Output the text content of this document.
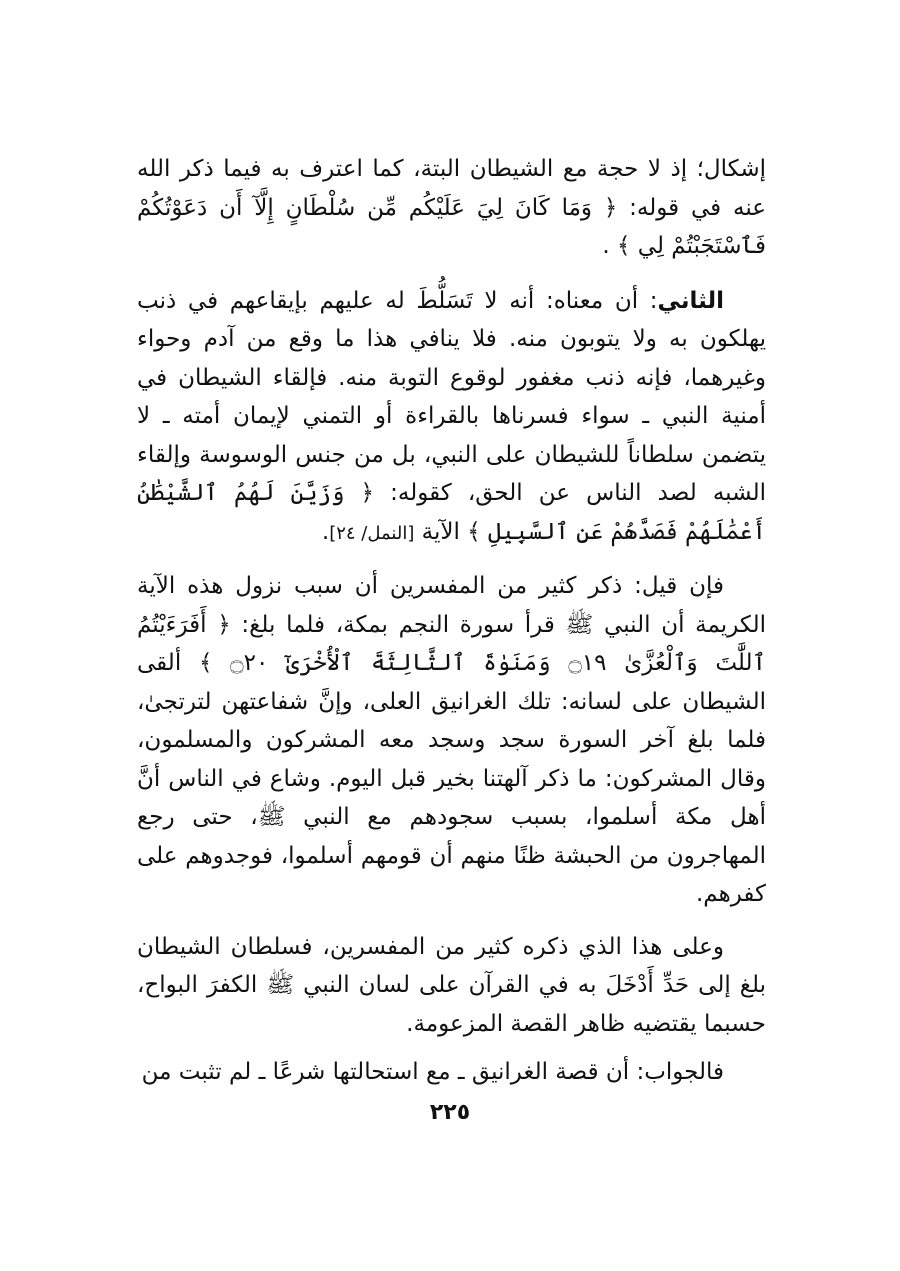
إشكال؛ إذ لا حجة مع الشيطان البتة، كما اعترف به فيما ذكر الله عنه في قوله: ﴿ وَمَا كَانَ لِيَ عَلَيْكُم مِّن سُلْطَانٍ إِلَّآ أَن دَعَوْتُكُمْ فَٱسْتَجَبْتُمْ لِي ﴾ .

الثاني: أن معناه: أنه لا تَسَلُّطَ له عليهم بإيقاعهم في ذنب يهلكون به ولا يتوبون منه. فلا ينافي هذا ما وقع من آدم وحواء وغيرهما، فإنه ذنب مغفور لوقوع التوبة منه. فإلقاء الشيطان في أمنية النبي ـ سواء فسرناها بالقراءة أو التمني لإيمان أمته ـ لا يتضمن سلطاناً للشيطان على النبي، بل من جنس الوسوسة وإلقاء الشبه لصد الناس عن الحق، كقوله: ﴿ وَزَيَّنَ لَهُمُ ٱلشَّيْطَٰنُ أَعْمَٰلَهُمْ فَصَدَّهُمْ عَنِ ٱلسَّبِيلِ ﴾ الآية [النمل/ ٢٤].

فإن قيل: ذكر كثير من المفسرين أن سبب نزول هذه الآية الكريمة أن النبي ﷺ قرأ سورة النجم بمكة، فلما بلغ: ﴿ أَفَرَءَيْتُمُ ٱللَّٰتَ وَٱلْعُزَّىٰ ۝١٩ وَمَنَوٰةَ ٱلثَّالِثَةَ ٱلْأُخْرَىٰٓ ۝٢٠ ﴾ ألقى الشيطان على لسانه: تلك الغرانيق العلى، وإنَّ شفاعتهن لترتجىٰ، فلما بلغ آخر السورة سجد وسجد معه المشركون والمسلمون، وقال المشركون: ما ذكر آلهتنا بخير قبل اليوم. وشاع في الناس أنَّ أهل مكة أسلموا، بسبب سجودهم مع النبي ﷺ، حتى رجع المهاجرون من الحبشة ظنًا منهم أن قومهم أسلموا، فوجدوهم على كفرهم.

وعلى هذا الذي ذكره كثير من المفسرين، فسلطان الشيطان بلغ إلى حَدِّ أَدْخَلَ به في القرآن على لسان النبي ﷺ الكفرَ البواح، حسبما يقتضيه ظاهر القصة المزعومة.

فالجواب: أن قصة الغرانيق ـ مع استحالتها شرعًا ـ لم تثبت من

٢٢٥
